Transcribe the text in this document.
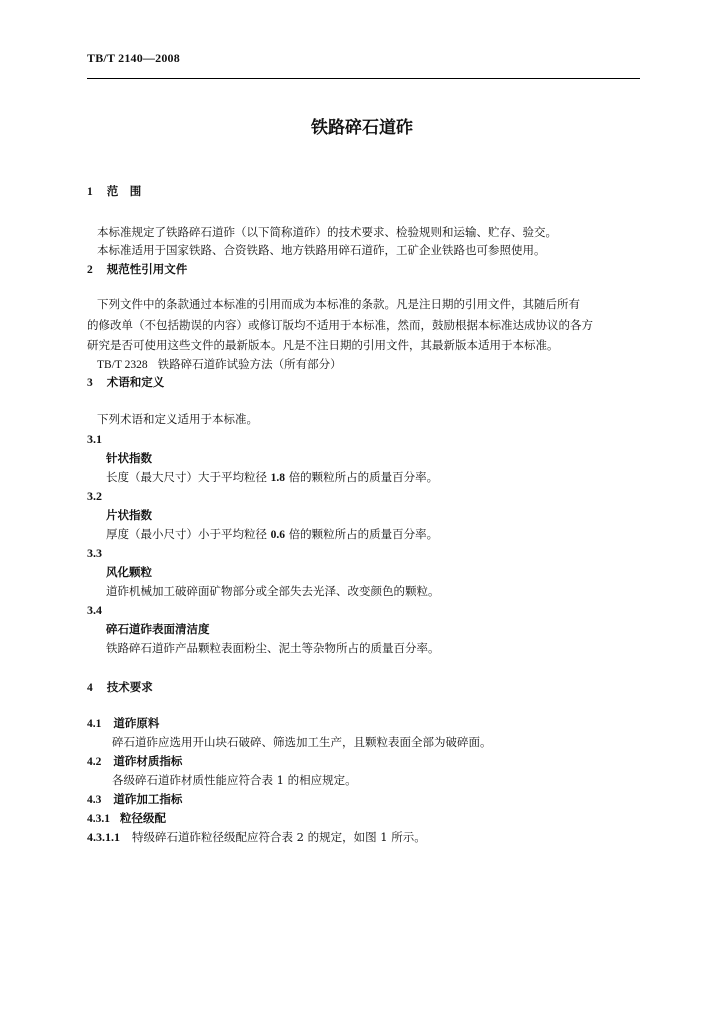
TB/T 2140—2008
铁路碎石道砟
1 范　围
本标准规定了铁路碎石道砟（以下简称道砟）的技术要求、检验规则和运输、贮存、验交。
本标准适用于国家铁路、合资铁路、地方铁路用碎石道砟，工矿企业铁路也可参照使用。
2 规范性引用文件
下列文件中的条款通过本标准的引用而成为本标准的条款。凡是注日期的引用文件，其随后所有
的修改单（不包括勘误的内容）或修订版均不适用于本标准，然而，鼓励根据本标准达成协议的各方
研究是否可使用这些文件的最新版本。凡是不注日期的引用文件，其最新版本适用于本标准。
TB/T 2328 铁路碎石道砟试验方法（所有部分）
3 术语和定义
下列术语和定义适用于本标准。
3.1
针状指数
长度（最大尺寸）大于平均粒径 1.8 倍的颗粒所占的质量百分率。
3.2
片状指数
厚度（最小尺寸）小于平均粒径 0.6 倍的颗粒所占的质量百分率。
3.3
风化颗粒
道砟机械加工破碎面矿物部分或全部失去光泽、改变颜色的颗粒。
3.4
碎石道砟表面清洁度
铁路碎石道砟产品颗粒表面粉尘、泥土等杂物所占的质量百分率。
4 技术要求
4.1 道砟原料
碎石道砟应选用开山块石破碎、筛选加工生产，且颗粒表面全部为破碎面。
4.2 道砟材质指标
各级碎石道砟材质性能应符合表 1 的相应规定。
4.3 道砟加工指标
4.3.1 粒径级配
4.3.1.1 特级碎石道砟粒径级配应符合表 2 的规定，如图 1 所示。
